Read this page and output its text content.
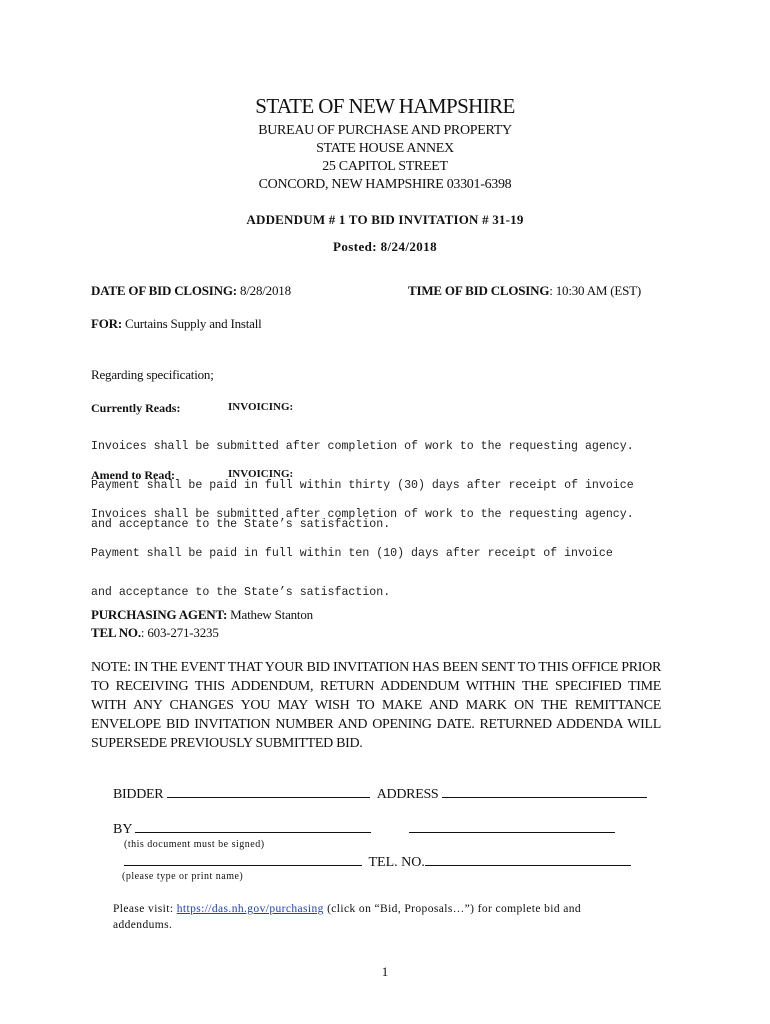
STATE OF NEW HAMPSHIRE
BUREAU OF PURCHASE AND PROPERTY
STATE HOUSE ANNEX
25 CAPITOL STREET
CONCORD, NEW HAMPSHIRE 03301-6398
ADDENDUM # 1 TO BID INVITATION # 31-19
Posted: 8/24/2018
DATE OF BID CLOSING: 8/28/2018	TIME OF BID CLOSING: 10:30 AM (EST)
FOR: Curtains Supply and Install
Regarding specification;
Currently Reads:	INVOICING:

Invoices shall be submitted after completion of work to the requesting agency.

Payment shall be paid in full within thirty (30) days after receipt of invoice

and acceptance to the State’s satisfaction.

Amend to Read:	INVOICING:

Invoices shall be submitted after completion of work to the requesting agency.

Payment shall be paid in full within ten (10) days after receipt of invoice

and acceptance to the State’s satisfaction.

PURCHASING AGENT: Mathew Stanton
TEL NO.: 603-271-3235
NOTE: IN THE EVENT THAT YOUR BID INVITATION HAS BEEN SENT TO THIS OFFICE PRIOR TO RECEIVING THIS ADDENDUM, RETURN ADDENDUM WITHIN THE SPECIFIED TIME WITH ANY CHANGES YOU MAY WISH TO MAKE AND MARK ON THE REMITTANCE ENVELOPE BID INVITATION NUMBER AND OPENING DATE. RETURNED ADDENDA WILL SUPERSEDE PREVIOUSLY SUBMITTED BID.
BIDDER	ADDRESS
BY
(this document must be signed)
TEL. NO.
(please type or print name)
Please visit: https://das.nh.gov/purchasing (click on “Bid, Proposals…”) for complete bid and
addendums.
1
